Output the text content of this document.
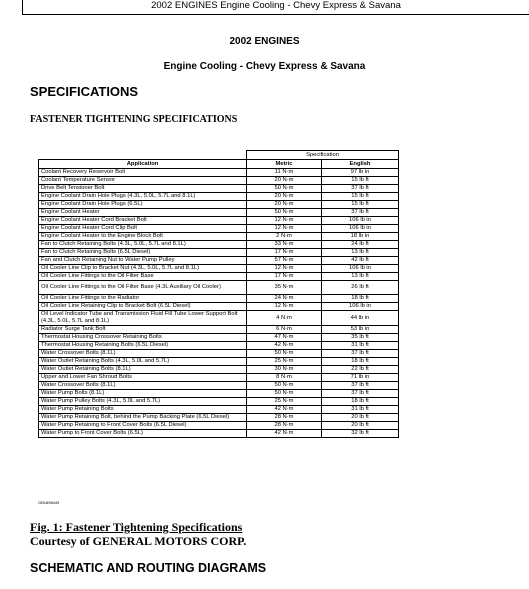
2002 ENGINES Engine Cooling - Chevy Express & Savana
2002 ENGINES
Engine Cooling - Chevy Express & Savana
SPECIFICATIONS
FASTENER TIGHTENING SPECIFICATIONS
	Specification	
Application	Metric	English
Coolant Recovery Reservoir Bolt	11 N·m	97 lb in
Coolant Temperature Sensor	20 N·m	15 lb ft
Drive Belt Tensioner Bolt	50 N·m	37 lb ft
Engine Coolant Drain Hole Plugs (4.3L, 5.0L, 5.7L and 8.1L)	20 N·m	15 lb ft
Engine Coolant Drain Hole Plugs (6.5L)	20 N·m	15 lb ft
Engine Coolant Heater	50 N·m	37 lb ft
Engine Coolant Heater Cord Bracket Bolt	12 N·m	106 lb in
Engine Coolant Heater Cord Clip Bolt	12 N·m	106 lb in
Engine Coolant Heater to the Engine Block Bolt	2 N·m	18 lb in
Fan to Clutch Retaining Bolts (4.3L, 5.0L, 5.7L and 8.1L)	33 N·m	24 lb ft
Fan to Clutch Retaining Bolts (6.5L Diesel)	17 N·m	13 lb ft
Fan and Clutch Retaining Nut to Water Pump Pulley	57 N·m	42 lb ft
Oil Cooler Line Clip to Bracket Nut (4.3L, 5.0L, 5.7L and 8.1L)	12 N·m	106 lb in
Oil Cooler Line Fittings to the Oil Filter Base	17 N·m	13 lb ft
Oil Cooler Line Fittings to the Oil Filter Base (4.3L Auxiliary Oil Cooler)	35 N·m	26 lb ft
Oil Cooler Line Fittings to the Radiator	24 N·m	18 lb ft
Oil Cooler Line Retaining Clip to Bracket Bolt (6.5L Diesel)	12 N·m	106 lb in
Oil Level Indicator Tube and Transmission Fluid Fill Tube Lower Support Bolt (4.3L, 5.0L, 5.7L and 8.1L)	4 N·m	44 lb in
Radiator Surge Tank Bolt	6 N·m	53 lb in
Thermostat Housing Crossover Retaining Bolts	47 N·m	35 lb ft
Thermostat Housing Retaining Bolts (6.5L Diesel)	42 N·m	31 lb ft
Water Crossover Bolts (8.1L)	50 N·m	37 lb ft
Water Outlet Retaining Bolts (4.3L, 5.0L and 5.7L)	25 N·m	18 lb ft
Water Outlet Retaining Bolts (8.1L)	30 N·m	22 lb ft
Upper and Lower Fan Shroud Bolts	8 N·m	71 lb in
Water Crossover Bolts (8.1L)	50 N·m	37 lb ft
Water Pump Bolts (8.1L)	50 N·m	37 lb ft
Water Pump Pulley Bolts (4.3L, 5.0L and 5.7L)	25 N·m	18 lb ft
Water Pump Retaining Bolts	42 N·m	31 lb ft
Water Pump Retaining Bolt, behind the Pump Backing Plate (6.5L Diesel)	28 N·m	20 lb ft
Water Pump Retaining to Front Cover Bolts (6.5L Diesel)	28 N·m	20 lb ft
Water Pump to Front Cover Bolts (6.5L)	42 N·m	32 lb ft
GB1898449
Fig. 1: Fastener Tightening Specifications
Courtesy of GENERAL MOTORS CORP.
SCHEMATIC AND ROUTING DIAGRAMS
